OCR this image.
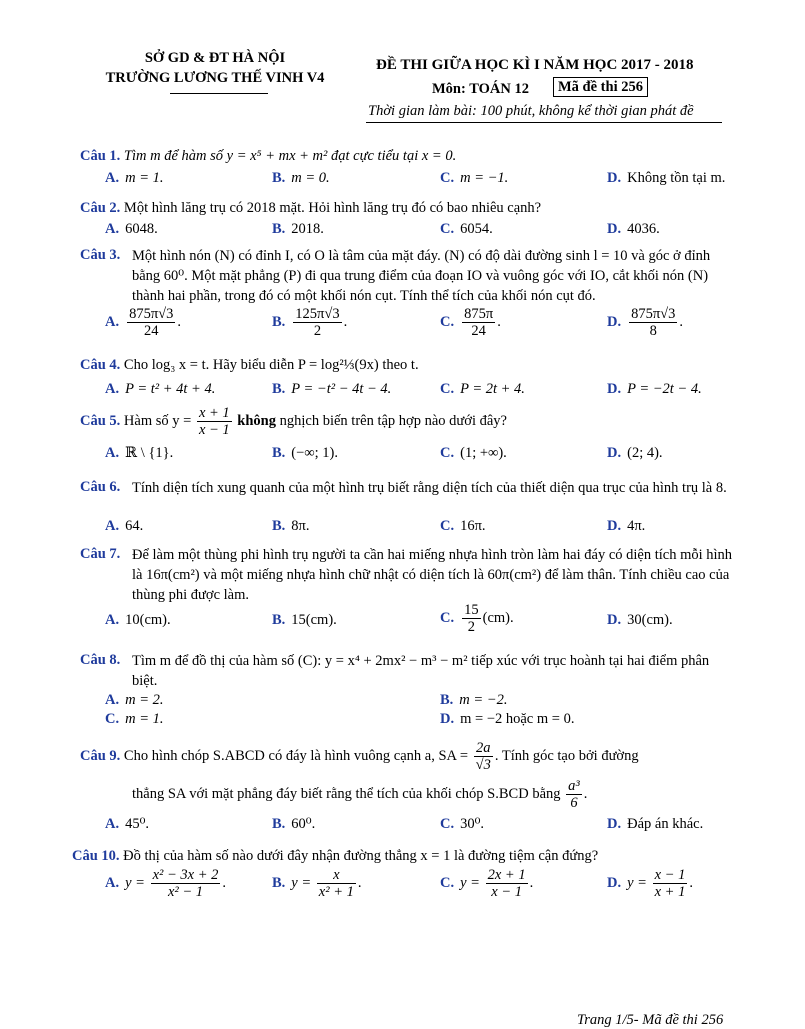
SỞ GD & ĐT HÀ NỘI
TRƯỜNG LƯƠNG THẾ VINH V4
ĐỀ THI GIỮA HỌC KÌ I NĂM HỌC 2017 - 2018
Môn: TOÁN 12	Mã đề thi 256
Thời gian làm bài: 100 phút, không kể thời gian phát đề
Câu 1. Tìm m để hàm số y = x⁵ + mx + m² đạt cực tiểu tại x = 0.
A. m = 1.	B. m = 0.	C. m = −1.	D. Không tồn tại m.
Câu 2. Một hình lăng trụ có 2018 mặt. Hỏi hình lăng trụ đó có bao nhiêu cạnh?
A. 6048.	B. 2018.	C. 6054.	D. 4036.
Câu 3. Một hình nón (N) có đỉnh I, có O là tâm của mặt đáy. (N) có độ dài đường sinh l = 10 và góc ở đỉnh bằng 60⁰. Một mặt phẳng (P) đi qua trung điểm của đoạn IO và vuông góc với IO, cắt khối nón (N) thành hai phần, trong đó có một khối nón cụt. Tính thể tích của khối nón cụt đó.
A. $\frac{875\pi√3}{24}$ .	B. $\frac{125\pi√3}{2}$ .	C. $\frac{875\pi}{24}$ .	D. $\frac{875\pi√3}{8}$ .
Câu 4. Cho log₃ x = t. Hãy biểu diễn P = log²⅓(9x) theo t.
A. P = t² + 4t + 4.	B. P = −t² − 4t − 4.	C. P = 2t + 4.	D. P = −2t − 4.
Câu 5. Hàm số $y = \frac{x + 1}{x - 1}$ không nghịch biến trên tập hợp nào dưới đây?
A. ℝ \ {1}.	B. (−∞; 1).	C. (1; +∞).	D. (2; 4).
Câu 6. Tính diện tích xung quanh của một hình trụ biết rằng diện tích của thiết diện qua trục của hình trụ là 8.
A. 64.	B. 8π.	C. 16π.	D. 4π.
Câu 7. Để làm một thùng phi hình trụ người ta cần hai miếng nhựa hình tròn làm hai đáy có diện tích mỗi hình là 16π(cm²) và một miếng nhựa hình chữ nhật có diện tích là 60π(cm²) để làm thân. Tính chiều cao của thùng phi được làm.
A. 10(cm).	B. 15(cm).	C. $\frac{15}{2} (cm)$.	D. 30(cm).
Câu 8. Tìm m để đồ thị của hàm số (C): y = x⁴ + 2mx² − m³ − m² tiếp xúc với trục hoành tại hai điểm phân biệt.
A. m = 2.	B. m = −2.
C. m = 1.	D. m = −2 hoặc m = 0.
Câu 9. Cho hình chóp S.ABCD có đáy là hình vuông cạnh a, SA = $\frac{2a}{√3}$ . Tính góc tạo bởi đường
thẳng SA với mặt phẳng đáy biết rằng thể tích của khối chóp S.BCD bằng $\frac{\text{a³}}{6}$ .
A. 45⁰.	B. 60⁰.	C. 30⁰.	D. Đáp án khác.
Câu 10. Đồ thị của hàm số nào dưới đây nhận đường thẳng x = 1 là đường tiệm cận đứng?
A. $y = \frac{\text{x² − 3x + 2}}{\text{x² − 1}}$ .	B. $y = \frac{x}{\text{x² + 1}}$ .	C. $y = \frac{2x + 1}{x - 1}$ .	D. $y = \frac{x - 1}{x + 1}$ .
Trang 1/5- Mã đề thi 256
